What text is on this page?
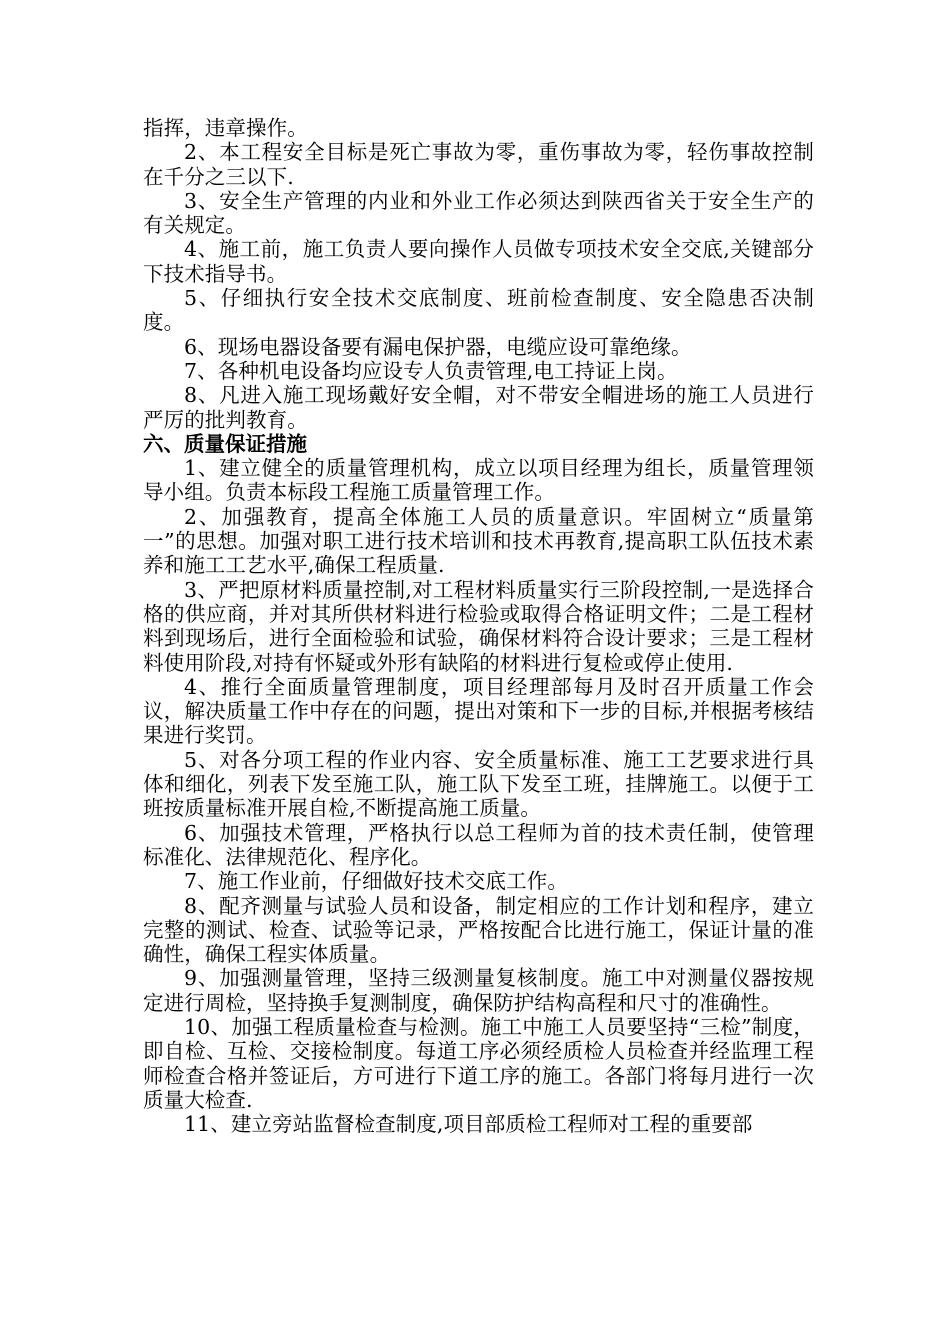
指挥，违章操作。

2、本工程安全目标是死亡事故为零，重伤事故为零，轻伤事故控制在千分之三以下.

3、安全生产管理的内业和外业工作必须达到陕西省关于安全生产的有关规定。

4、施工前，施工负责人要向操作人员做专项技术安全交底,关键部分下技术指导书。

5、仔细执行安全技术交底制度、班前检查制度、安全隐患否决制度。

6、现场电器设备要有漏电保护器，电缆应设可靠绝缘。

7、各种机电设备均应设专人负责管理,电工持证上岗。

8、凡进入施工现场戴好安全帽，对不带安全帽进场的施工人员进行严厉的批判教育。

六、质量保证措施

1、建立健全的质量管理机构，成立以项目经理为组长，质量管理领导小组。负责本标段工程施工质量管理工作。

2、加强教育，提高全体施工人员的质量意识。牢固树立“质量第一”的思想。加强对职工进行技术培训和技术再教育,提高职工队伍技术素养和施工工艺水平,确保工程质量.

3、严把原材料质量控制,对工程材料质量实行三阶段控制,一是选择合格的供应商，并对其所供材料进行检验或取得合格证明文件；二是工程材料到现场后，进行全面检验和试验，确保材料符合设计要求；三是工程材料使用阶段,对持有怀疑或外形有缺陷的材料进行复检或停止使用.

4、推行全面质量管理制度，项目经理部每月及时召开质量工作会议，解决质量工作中存在的问题，提出对策和下一步的目标,并根据考核结果进行奖罚。

5、对各分项工程的作业内容、安全质量标准、施工工艺要求进行具体和细化，列表下发至施工队，施工队下发至工班，挂牌施工。以便于工班按质量标准开展自检,不断提高施工质量。

6、加强技术管理，严格执行以总工程师为首的技术责任制，使管理标准化、法律规范化、程序化。

7、施工作业前，仔细做好技术交底工作。

8、配齐测量与试验人员和设备，制定相应的工作计划和程序，建立完整的测试、检查、试验等记录，严格按配合比进行施工，保证计量的准确性，确保工程实体质量。

9、加强测量管理，坚持三级测量复核制度。施工中对测量仪器按规定进行周检，坚持换手复测制度，确保防护结构高程和尺寸的准确性。

10、加强工程质量检查与检测。施工中施工人员要坚持“三检”制度，即自检、互检、交接检制度。每道工序必须经质检人员检查并经监理工程师检查合格并签证后，方可进行下道工序的施工。各部门将每月进行一次质量大检查.

11、建立旁站监督检查制度,项目部质检工程师对工程的重要部
